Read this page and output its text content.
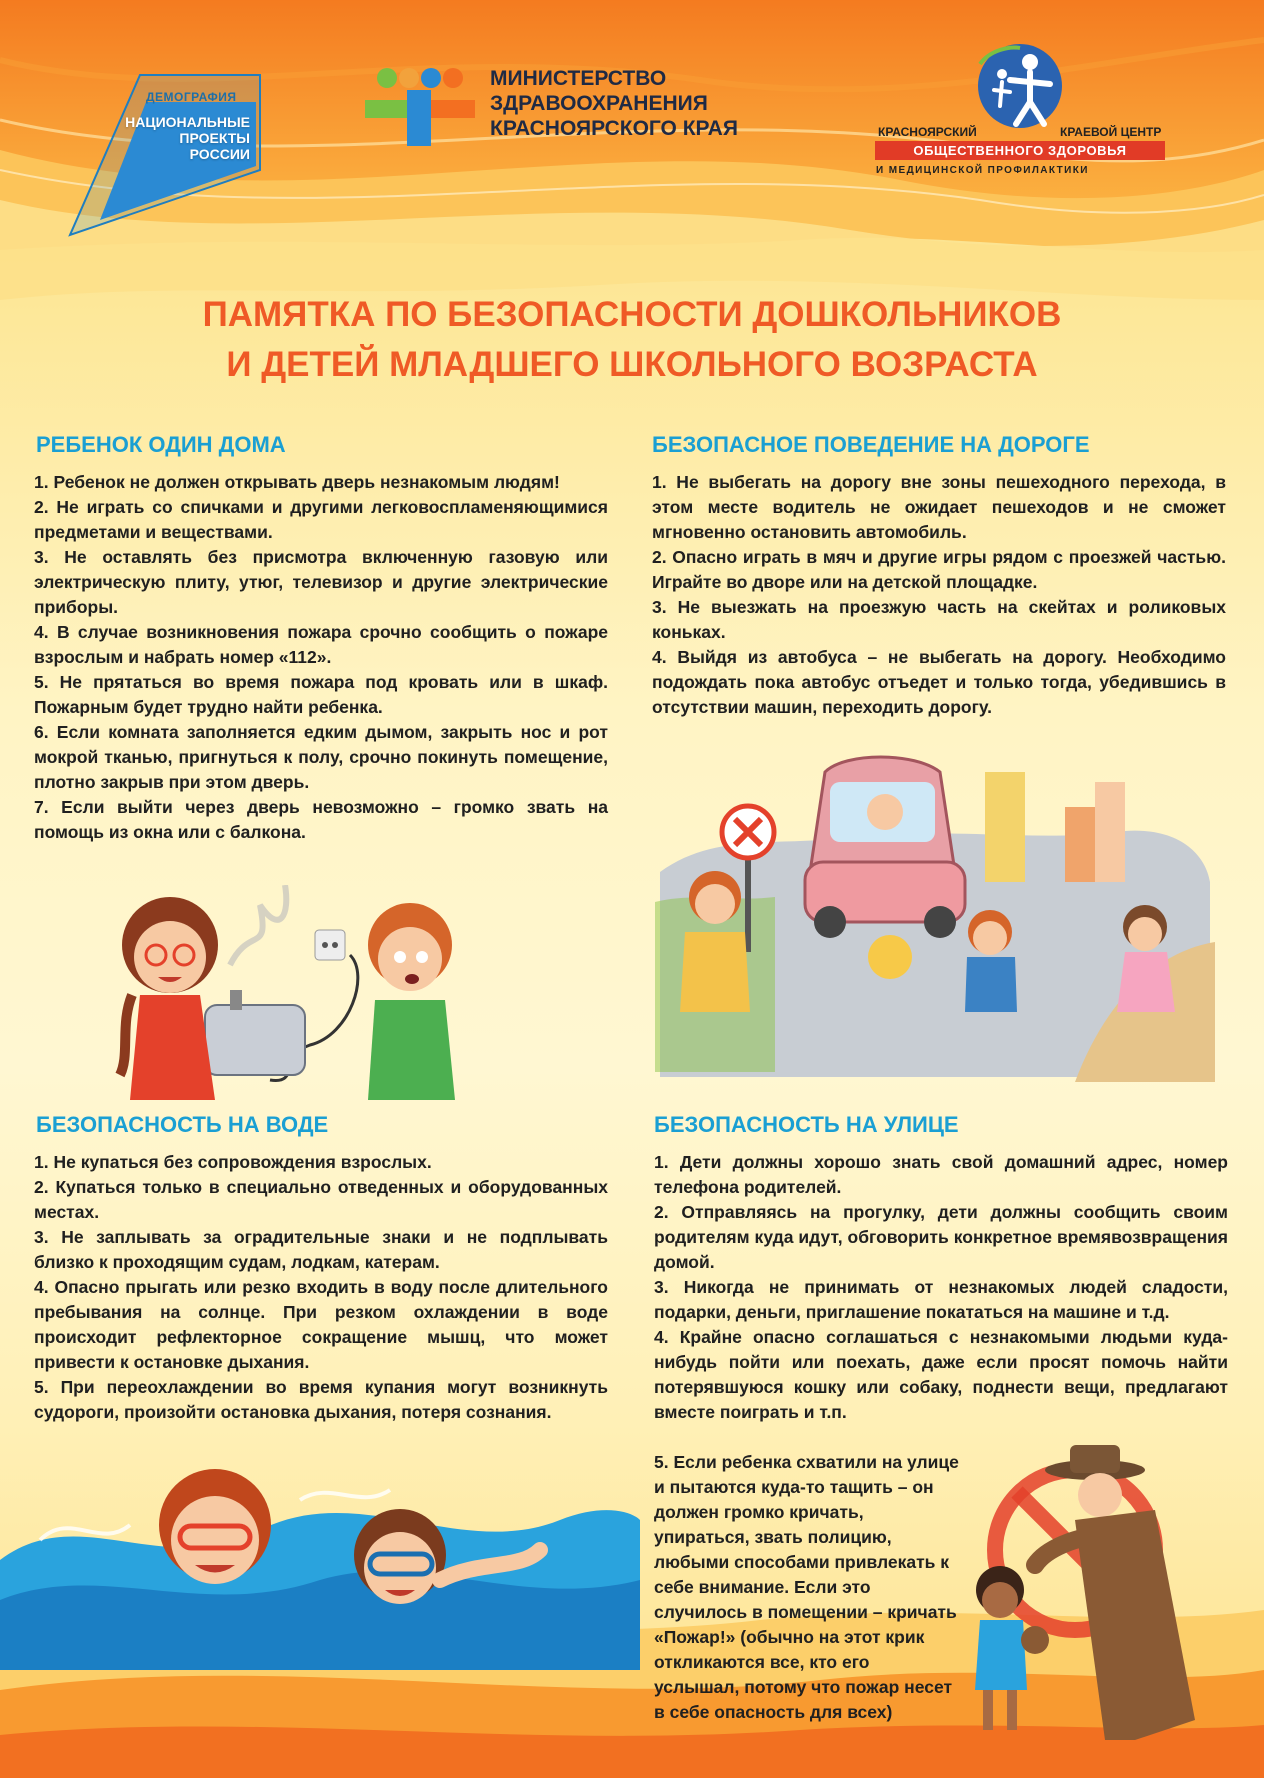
ДЕМОГРАФИЯ
НАЦИОНАЛЬНЫЕ
ПРОЕКТЫ
РОССИИ
МИНИСТЕРСТВО
ЗДРАВООХРАНЕНИЯ
КРАСНОЯРСКОГО КРАЯ	КРАСНОЯРСКИЙ	КРАЕВОЙ ЦЕНТР
ОБЩЕСТВЕННОГО ЗДОРОВЬЯ
И МЕДИЦИНСКОЙ ПРОФИЛАКТИКИ
ПАМЯТКА ПО БЕЗОПАСНОСТИ ДОШКОЛЬНИКОВ
И ДЕТЕЙ МЛАДШЕГО ШКОЛЬНОГО ВОЗРАСТА
РЕБЕНОК ОДИН ДОМА

1. Ребенок не должен открывать дверь незнакомым людям!

2. Не играть со спичками и другими легковоспламеняющимися предметами и веществами.

3. Не оставлять без присмотра включенную газовую или электрическую плиту, утюг, телевизор и другие электрические приборы.

4. В случае возникновения пожара срочно сообщить о пожаре взрослым и набрать номер «112».

5. Не прятаться во время пожара под кровать или в шкаф. Пожарным будет трудно найти ребенка.

6. Если комната заполняется едким дымом, закрыть нос и рот мокрой тканью, пригнуться к полу, срочно покинуть помещение, плотно закрыв при этом дверь.

7. Если выйти через дверь невозможно – громко звать на помощь из окна или с балкона.

БЕЗОПАСНОЕ ПОВЕДЕНИЕ НА ДОРОГЕ

1. Не выбегать на дорогу вне зоны пешеходного перехода, в этом месте водитель не ожидает пешеходов и не сможет мгновенно остановить автомобиль.

2. Опасно играть в мяч и другие игры рядом с проезжей частью. Играйте во дворе или на детской площадке.

3. Не выезжать на проезжую часть на скейтах и роликовых коньках.

4. Выйдя из автобуса – не выбегать на дорогу. Необходимо подождать пока автобус отъедет и только тогда, убедившись в отсутствии машин, переходить дорогу.

БЕЗОПАСНОСТЬ НА ВОДЕ

1. Не купаться без сопровождения взрослых.

2. Купаться только в специально отведенных и оборудованных местах.

3. Не заплывать за оградительные знаки и не подплывать близко к проходящим судам, лодкам, катерам.

4. Опасно прыгать или резко входить в воду после длительного пребывания на солнце. При резком охлаждении в воде происходит рефлекторное сокращение мышц, что может привести к остановке дыхания.

5. При переохлаждении во время купания могут возникнуть судороги, произойти остановка дыхания, потеря сознания.

БЕЗОПАСНОСТЬ НА УЛИЦЕ

1. Дети должны хорошо знать свой домашний адрес, номер телефона родителей.

2. Отправляясь на прогулку, дети должны сообщить своим родителям куда идут, обговорить конкретное времявозвращения домой.

3. Никогда не принимать от незнакомых людей сладости, подарки, деньги, приглашение покататься на машине и т.д.

4. Крайне опасно соглашаться с незнакомыми людьми куда-нибудь пойти или поехать, даже если просят помочь найти потерявшуюся кошку или собаку, поднести вещи, предлагают вместе поиграть и т.п.

5. Если ребенка схватили на улице и пытаются куда-то тащить – он должен громко кричать, упираться, звать полицию, любыми способами привлекать к себе внимание. Если это случилось в помещении – кричать «Пожар!» (обычно на этот крик откликаются все, кто его услышал, потому что пожар несет в себе опасность для всех)
